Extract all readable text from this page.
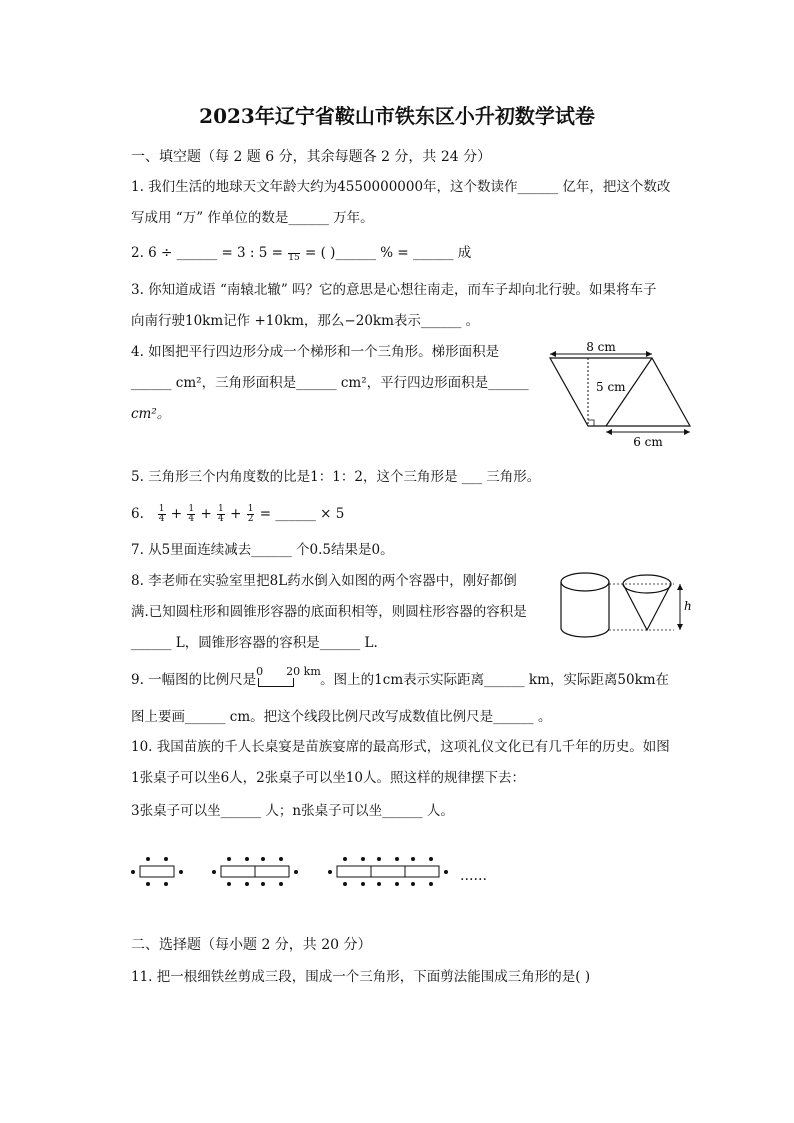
2023年辽宁省鞍山市铁东区小升初数学试卷
一、填空题（每 2 题 6 分，其余每题各 2 分，共 24 分）
1. 我们生活的地球天文年龄大约为4550000000年，这个数读作______ 亿年，把这个数改
写成用 “万” 作单位的数是______ 万年。
2. 6 ÷ ______ = 3 : 5 =
15 = ( )______ % = ______ 成
3. 你知道成语 “南辕北辙” 吗？它的意思是心想往南走，而车子却向北行驶。如果将车子
向南行驶10km记作 +10km，那么−20km表示______ 。
4. 如图把平行四边形分成一个梯形和一个三角形。梯形面积是
______ cm²，三角形面积是______ cm²，平行四边形面积是______
cm²。
8 cm
5 cm
6 cm
5. 三角形三个内角度数的比是1：1：2，这个三角形是 ___ 三角形。
6. $\frac{1}{4} + \frac{1}{4} + \frac{1}{4} + \frac{1}{2}$ = ______ × 5
7. 从5里面连续减去______ 个0.5结果是0。
8. 李老师在实验室里把8L药水倒入如图的两个容器中，刚好都倒
满.已知圆柱形和圆锥形容器的底面积相等，则圆柱形容器的容积是
______ L，圆锥形容器的容积是______ L.
h
9. 一幅图的比例尺是
0 20 km
。图上的1cm表示实际距离______ km，实际距离50km在
图上要画______ cm。把这个线段比例尺改写成数值比例尺是______ 。
10. 我国苗族的千人长桌宴是苗族宴席的最高形式，这项礼仪文化已有几千年的历史。如图
1张桌子可以坐6人，2张桌子可以坐10人。照这样的规律摆下去：
3张桌子可以坐______ 人；n张桌子可以坐______ 人。
……
二、选择题（每小题 2 分，共 20 分）
11. 把一根细铁丝剪成三段，围成一个三角形，下面剪法能围成三角形的是( )
